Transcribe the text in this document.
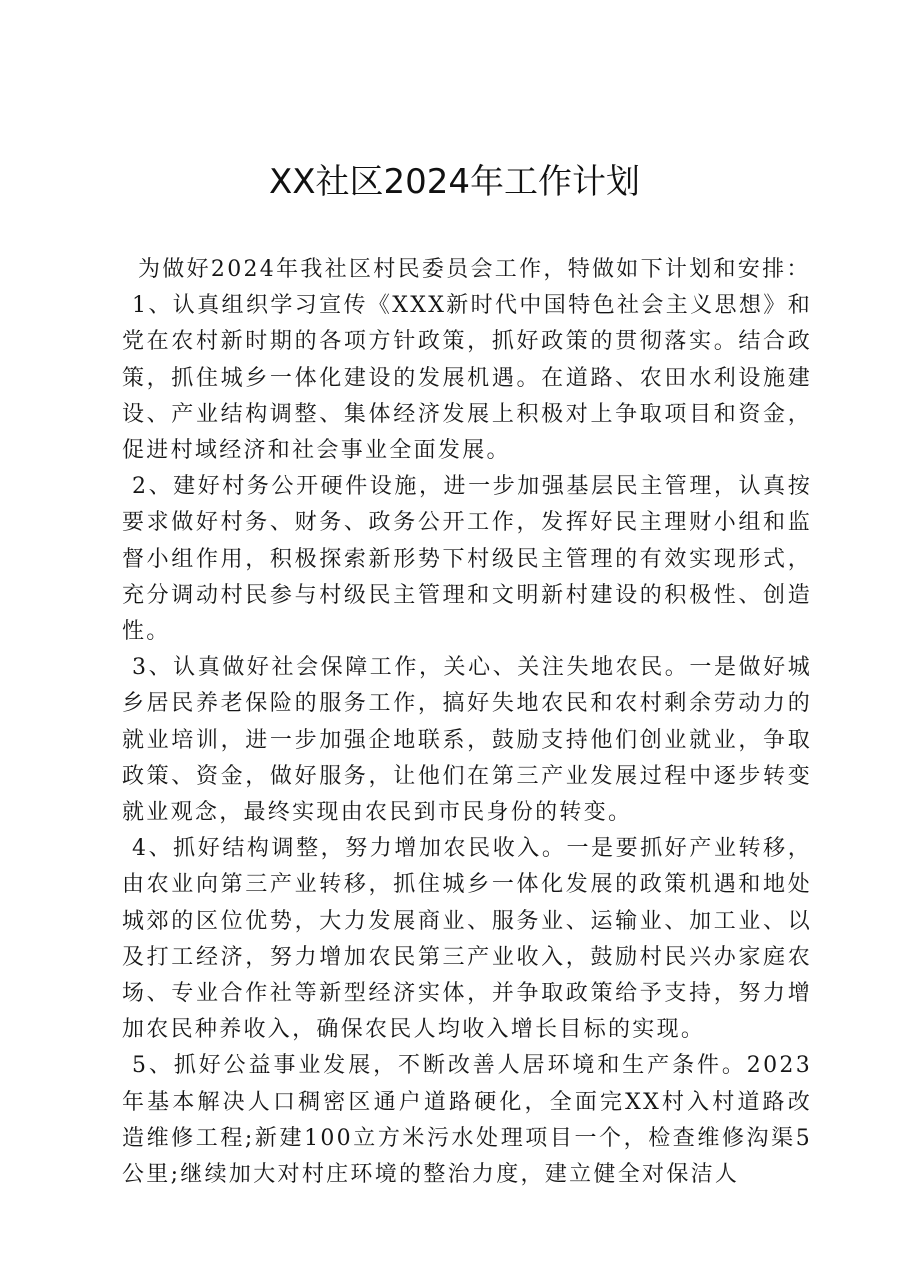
XX社区2024年工作计划

为做好2024年我社区村民委员会工作，特做如下计划和安排：

1、认真组织学习宣传《XXX新时代中国特色社会主义思想》和党在农村新时期的各项方针政策，抓好政策的贯彻落实。结合政策，抓住城乡一体化建设的发展机遇。在道路、农田水利设施建设、产业结构调整、集体经济发展上积极对上争取项目和资金，促进村域经济和社会事业全面发展。

2、建好村务公开硬件设施，进一步加强基层民主管理，认真按要求做好村务、财务、政务公开工作，发挥好民主理财小组和监督小组作用，积极探索新形势下村级民主管理的有效实现形式，充分调动村民参与村级民主管理和文明新村建设的积极性、创造性。

3、认真做好社会保障工作，关心、关注失地农民。一是做好城乡居民养老保险的服务工作，搞好失地农民和农村剩余劳动力的就业培训，进一步加强企地联系，鼓励支持他们创业就业，争取政策、资金，做好服务，让他们在第三产业发展过程中逐步转变就业观念，最终实现由农民到市民身份的转变。

4、抓好结构调整，努力增加农民收入。一是要抓好产业转移，由农业向第三产业转移，抓住城乡一体化发展的政策机遇和地处城郊的区位优势，大力发展商业、服务业、运输业、加工业、以及打工经济，努力增加农民第三产业收入，鼓励村民兴办家庭农场、专业合作社等新型经济实体，并争取政策给予支持，努力增加农民种养收入，确保农民人均收入增长目标的实现。

5、抓好公益事业发展，不断改善人居环境和生产条件。2023年基本解决人口稠密区通户道路硬化，全面完XX村入村道路改造维修工程;新建100立方米污水处理项目一个，检查维修沟渠5公里;继续加大对村庄环境的整治力度，建立健全对保洁人
